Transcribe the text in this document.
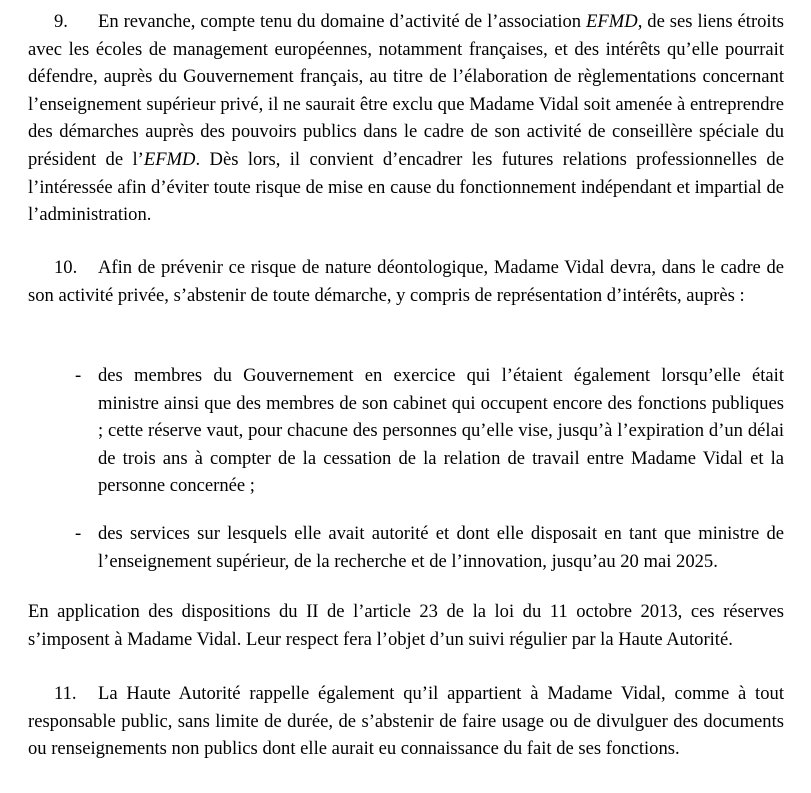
9. En revanche, compte tenu du domaine d’activité de l’association EFMD, de ses liens étroits avec les écoles de management européennes, notamment françaises, et des intérêts qu’elle pourrait défendre, auprès du Gouvernement français, au titre de l’élaboration de règlementations concernant l’enseignement supérieur privé, il ne saurait être exclu que Madame Vidal soit amenée à entreprendre des démarches auprès des pouvoirs publics dans le cadre de son activité de conseillère spéciale du président de l’EFMD. Dès lors, il convient d’encadrer les futures relations professionnelles de l’intéressée afin d’éviter toute risque de mise en cause du fonctionnement indépendant et impartial de l’administration.

10. Afin de prévenir ce risque de nature déontologique, Madame Vidal devra, dans le cadre de son activité privée, s’abstenir de toute démarche, y compris de représentation d’intérêts, auprès :

- des membres du Gouvernement en exercice qui l’étaient également lorsqu’elle était ministre ainsi que des membres de son cabinet qui occupent encore des fonctions publiques ; cette réserve vaut, pour chacune des personnes qu’elle vise, jusqu’à l’expiration d’un délai de trois ans à compter de la cessation de la relation de travail entre Madame Vidal et la personne concernée ;

- des services sur lesquels elle avait autorité et dont elle disposait en tant que ministre de l’enseignement supérieur, de la recherche et de l’innovation, jusqu’au 20 mai 2025.

En application des dispositions du II de l’article 23 de la loi du 11 octobre 2013, ces réserves s’imposent à Madame Vidal. Leur respect fera l’objet d’un suivi régulier par la Haute Autorité.

11. La Haute Autorité rappelle également qu’il appartient à Madame Vidal, comme à tout responsable public, sans limite de durée, de s’abstenir de faire usage ou de divulguer des documents ou renseignements non publics dont elle aurait eu connaissance du fait de ses fonctions.
